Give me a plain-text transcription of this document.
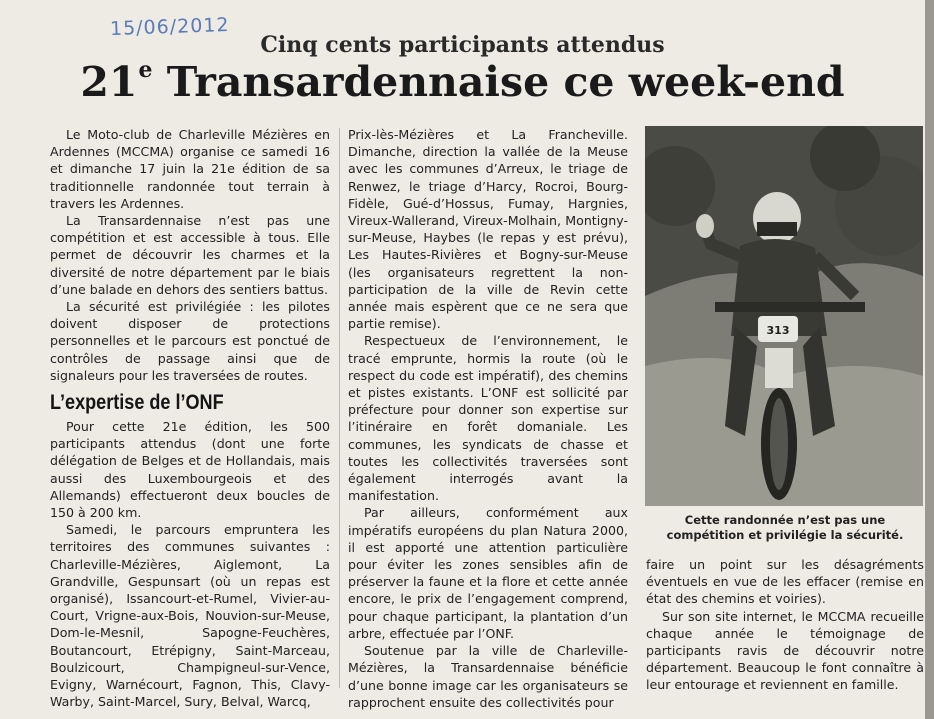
15/06/2012
Cinq cents participants attendus
21e Transardennaise ce week-end

Le Moto-club de Charleville Mézières en Ardennes (MCCMA) organise ce samedi 16 et dimanche 17 juin la 21e édition de sa traditionnelle randonnée tout terrain à travers les Ardennes.

La Transardennaise n’est pas une compétition et est accessible à tous. Elle permet de découvrir les charmes et la diversité de notre département par le biais d’une balade en dehors des sentiers battus.

La sécurité est privilégiée : les pilotes doivent disposer de protections personnelles et le parcours est ponctué de contrôles de passage ainsi que de signaleurs pour les traversées de routes.

L’expertise de l’ONF

Pour cette 21e édition, les 500 participants attendus (dont une forte délégation de Belges et de Hollandais, mais aussi des Luxembourgeois et des Allemands) effectueront deux boucles de 150 à 200 km.

Samedi, le parcours empruntera les territoires des communes suivantes : Charleville-Mézières, Aiglemont, La Grandville, Gespunsart (où un repas est organisé), Issancourt-et-Rumel, Vivier-au-Court, Vrigne-aux-Bois, Nouvion-sur-Meuse, Dom-le-Mesnil, Sapogne-Feuchères, Boutancourt, Etrépigny, Saint-Marceau, Boulzicourt, Champigneul-sur-Vence, Evigny, Warnécourt, Fagnon, This, Clavy-Warby, Saint-Marcel, Sury, Belval, Warcq,

Prix-lès-Mézières et La Francheville. Dimanche, direction la vallée de la Meuse avec les communes d’Arreux, le triage de Renwez, le triage d’Harcy, Rocroi, Bourg-Fidèle, Gué-d’Hossus, Fumay, Hargnies, Vireux-Wallerand, Vireux-Molhain, Montigny-sur-Meuse, Haybes (le repas y est prévu), Les Hautes-Rivières et Bogny-sur-Meuse (les organisateurs regrettent la non-participation de la ville de Revin cette année mais espèrent que ce ne sera que partie remise).

Respectueux de l’environnement, le tracé emprunte, hormis la route (où le respect du code est impératif), des chemins et pistes existants. L’ONF est sollicité par préfecture pour donner son expertise sur l’itinéraire en forêt domaniale. Les communes, les syndicats de chasse et toutes les collectivités traversées sont également interrogés avant la manifestation.

Par ailleurs, conformément aux impératifs européens du plan Natura 2000, il est apporté une attention particulière pour éviter les zones sensibles afin de préserver la faune et la flore et cette année encore, le prix de l’engagement comprend, pour chaque participant, la plantation d’un arbre, effectuée par l’ONF.

Soutenue par la ville de Charleville-Mézières, la Transardennaise bénéficie d’une bonne image car les organisateurs se rapprochent ensuite des collectivités pour

313
Cette randonnée n’est pas une compétition et privilégie la sécurité.

faire un point sur les désagréments éventuels en vue de les effacer (remise en état des chemins et voiries).

Sur son site internet, le MCCMA recueille chaque année le témoignage de participants ravis de découvrir notre département. Beaucoup le font connaître à leur entourage et reviennent en famille.
